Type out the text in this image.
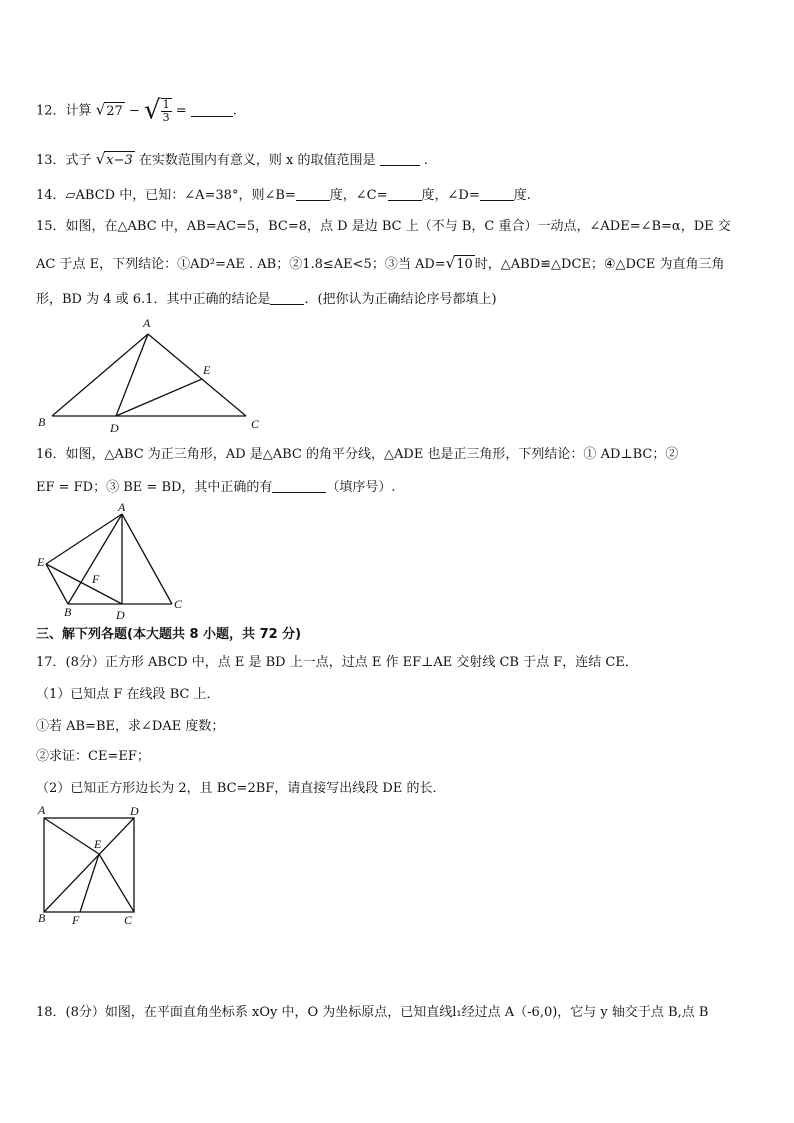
12．计算 √27 − √ $\frac{1}{3}$ =	.
13．式子 √x−3 在实数范围内有意义，则 x 的取值范围是	.
14．▱ABCD 中，已知：∠A=38°，则∠B=	度，∠C=	度，∠D=	度.
15．如图，在△ABC 中，AB=AC=5，BC=8，点 D 是边 BC 上（不与 B，C 重合）一动点，∠ADE=∠B=α，DE 交
AC 于点 E，下列结论：①AD²=AE . AB；②1.8≤AE<5；③当 AD=√10 时，△ABD≌△DCE；④△DCE 为直角三角
形，BD 为 4 或 6.1．其中正确的结论是	．(把你认为正确结论序号都填上)
A
B	C
D
E
16．如图，△ABC 为正三角形，AD 是△ABC 的角平分线，△ADE 也是正三角形，下列结论：① AD⊥BC；②
EF = FD；③ BE = BD，其中正确的有	（填序号）.
A
B
C
D
E
F
三、解下列各题(本大题共 8 小题，共 72 分)
17．(8分）正方形 ABCD 中，点 E 是 BD 上一点，过点 E 作 EF⊥AE 交射线 CB 于点 F，连结 CE．
（1）已知点 F 在线段 BC 上．
①若 AB=BE，求∠DAE 度数；
②求证：CE=EF；
（2）已知正方形边长为 2，且 BC=2BF，请直接写出线段 DE 的长．
A	D
E
B F	C
18．(8分）如图，在平面直角坐标系 xOy 中，O 为坐标原点，已知直线l₁经过点 A（-6,0)，它与 y 轴交于点 B,点 B
